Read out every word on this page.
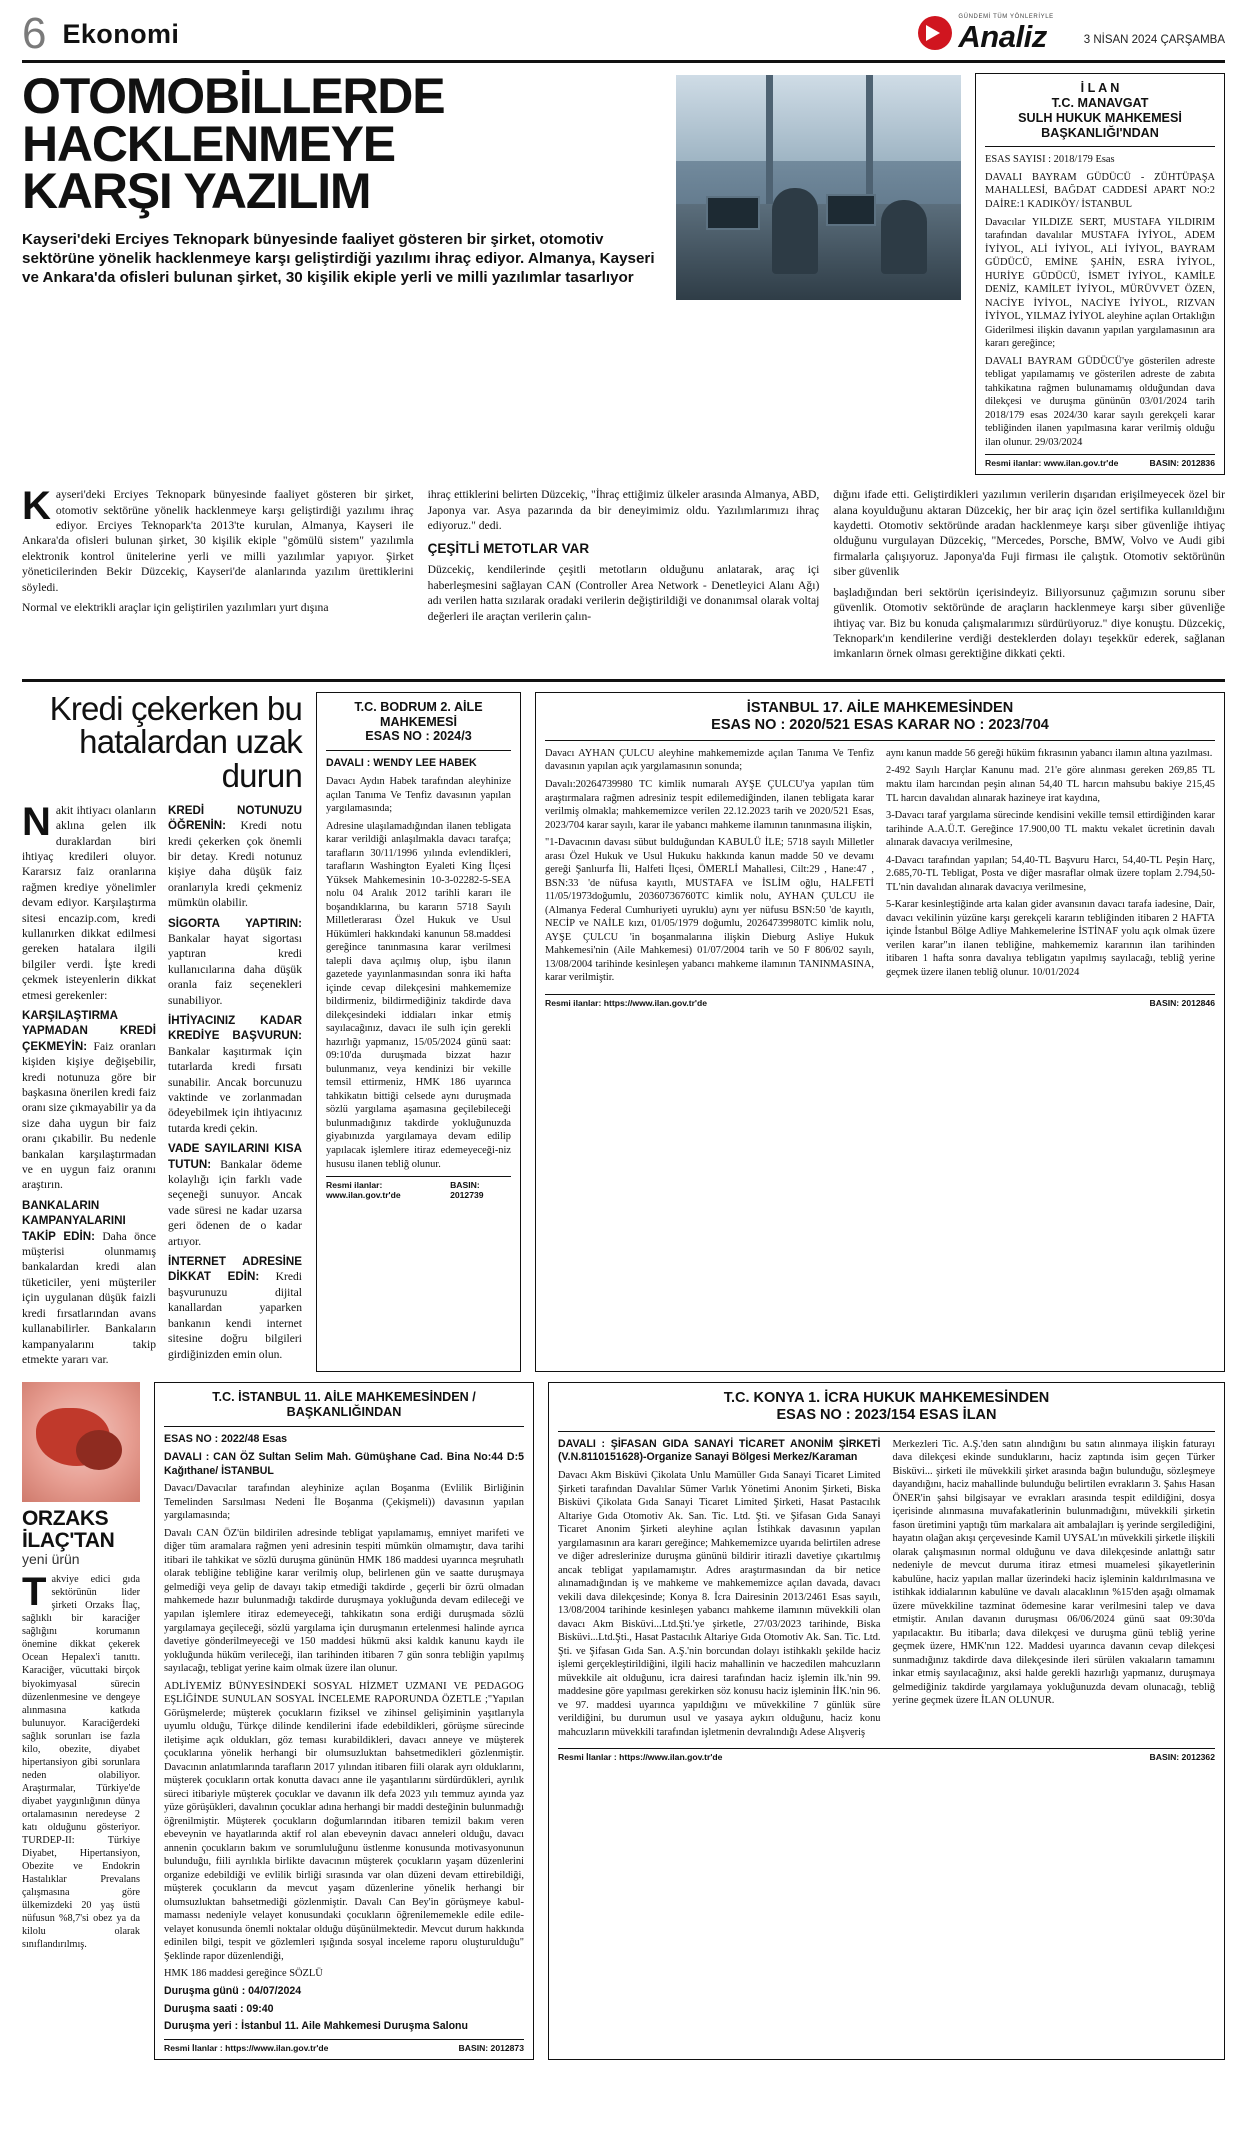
6 Ekonomi
GÜNDEMİ TÜM YÖNLERİYLE
Analiz	3 NİSAN 2024 ÇARŞAMBA
OTOMOBİLLERDE HACKLENMEYE
KARŞI YAZILIM
Kayseri'deki Erciyes Teknopark bünyesinde faaliyet gösteren bir şirket, otomotiv sektörüne yönelik hacklenmeye karşı geliştirdiği yazılımı ihraç ediyor. Almanya, Kayseri ve Ankara'da ofisleri bulunan şirket, 30 kişilik ekiple yerli ve milli yazılımlar tasarlıyor
İ L A N
T.C. MANAVGAT
SULH HUKUK MAHKEMESİ
BAŞKANLIĞI'NDAN

ESAS SAYISI : 2018/179 Esas

DAVALI BAYRAM GÜDÜCÜ - ZÜHTÜPAŞA MAHALLESİ, BAĞDAT CADDESİ APART NO:2 DAİRE:1 KADIKÖY/ İSTANBUL

Davacılar YILDIZE SERT, MUSTAFA YILDIRIM tarafından davalılar MUSTAFA İYİYOL, ADEM İYİYOL, ALİ İYİYOL, ALİ İYİYOL, BAYRAM GÜDÜCÜ, EMİNE ŞAHİN, ESRA İYİYOL, HURİYE GÜDÜCÜ, İSMET İYİYOL, KAMİLE DENİZ, KAMİLET İYİYOL, MÜRÜVVET ÖZEN, NACİYE İYİYOL, NACİYE İYİYOL, RIZVAN İYİYOL, YILMAZ İYİYOL aleyhine açılan Ortaklığın Giderilmesi ilişkin davanın yapılan yargılamasının ara kararı gereğince;

DAVALI BAYRAM GÜDÜCÜ'ye gösterilen adreste tebligat yapılamamış ve gösterilen adreste de zabıta tahkikatına rağmen bulunamamış olduğundan dava dilekçesi ve duruşma gününün 03/01/2024 tarih 2018/179 esas 2024/30 karar sayılı gerekçeli karar tebliğinden ilanen yapılmasına karar verilmiş olduğu ilan olunur. 29/03/2024

Resmi ilanlar: www.ilan.gov.tr'de	BASIN: 2012836

Kayseri'deki Erciyes Teknopark bünyesinde faaliyet gösteren bir şirket, otomotiv sektörüne yönelik hacklenmeye karşı geliştirdiği yazılımı ihraç ediyor. Erciyes Teknopark'ta 2013'te kurulan, Almanya, Kayseri ile Ankara'da ofisleri bulunan şirket, 30 kişilik ekiple "gömülü sistem" yazılımla elektronik kontrol ünitelerine yerli ve milli yazılımlar yapıyor. Şirket yöneticilerinden Bekir Düzcekiç, Kayseri'de alanlarında yazılım ürettiklerini söyledi.

Normal ve elektrikli araçlar için geliştirilen yazılımları yurt dışına

ihraç ettiklerini belirten Düzcekiç, "İhraç ettiğimiz ülkeler arasında Almanya, ABD, Japonya var. Asya pazarında da bir deneyimimiz oldu. Yazılımlarımızı ihraç ediyoruz." dedi.

ÇEŞİTLİ METOTLAR VAR

Düzcekiç, kendilerinde çeşitli metotların olduğunu anlatarak, araç içi haberleşmesini sağlayan CAN (Controller Area Network - Denetleyici Alanı Ağı) adı verilen hatta sızılarak oradaki verilerin değiştirildiği ve donanımsal olarak voltaj değerleri ile araçtan verilerin çalın-

dığını ifade etti. Geliştirdikleri yazılımın verilerin dışarıdan erişilmeyecek özel bir alana koyulduğunu aktaran Düzcekiç, her bir araç için özel sertifika kullanıldığını kaydetti. Otomotiv sektöründe aradan hacklenmeye karşı siber güvenliğe ihtiyaç olduğunu vurgulayan Düzcekiç, "Mercedes, Porsche, BMW, Volvo ve Audi gibi firmalarla çalışıyoruz. Japonya'da Fuji firması ile çalıştık. Otomotiv sektörünün siber güvenlik

başladığından beri sektörün içerisindeyiz. Biliyorsunuz çağımızın sorunu siber güvenlik. Otomotiv sektöründe de araçların hacklenmeye karşı siber güvenliğe ihtiyaç var. Biz bu konuda çalışmalarımızı sürdürüyoruz." diye konuştu. Düzcekiç, Teknopark'ın kendilerine verdiği desteklerden dolayı teşekkür ederek, sağlanan imkanların örnek olması gerektiğine dikkati çekti.

Kredi çekerken bu
hatalardan uzak durun

Nakit ihtiyacı olanların aklına gelen ilk duraklardan biri ihtiyaç kredileri oluyor. Kararsız faiz oranlarına rağmen krediye yönelimler devam ediyor. Karşılaştırma sitesi encazip.com, kredi kullanırken dikkat edilmesi gereken hatalara ilgili bilgiler verdi. İşte kredi çekmek isteyenlerin dikkat etmesi gerekenler:

KARŞILAŞTIRMA YAPMADAN KREDİ ÇEKMEYİN: Faiz oranları kişiden kişiye değişebilir, kredi notunuza göre bir başkasına önerilen kredi faiz oranı size çıkmayabilir ya da size daha uygun bir faiz oranı çıkabilir. Bu nedenle bankalan karşılaştırmadan ve en uygun faiz oranını araştırın.

BANKALARIN KAMPANYALARINI TAKİP EDİN: Daha önce müşterisi olunmamış bankalardan kredi alan tüketiciler, yeni müşteriler için uygulanan düşük faizli kredi fırsatlarından avans kullanabilirler. Bankaların kampanyalarını takip etmekte yararı var.

KREDİ NOTUNUZU ÖĞRENİN: Kredi notu kredi çekerken çok önemli bir detay. Kredi notunuz kişiye daha düşük faiz oranlarıyla kredi çekmeniz mümkün olabilir.

SİGORTA YAPTIRIN: Bankalar hayat sigortası yaptıran kredi kullanıcılarına daha düşük oranla faiz seçenekleri sunabiliyor.

İHTİYACINIZ KADAR KREDİYE BAŞVURUN: Bankalar kaşıtırmak için tutarlarda kredi fırsatı sunabilir. Ancak borcunuzu vaktinde ve zorlanmadan ödeyebilmek için ihtiyacınız tutarda kredi çekin.

VADE SAYILARINI KISA TUTUN: Bankalar ödeme kolaylığı için farklı vade seçeneği sunuyor. Ancak vade süresi ne kadar uzarsa geri ödenen de o kadar artıyor.

İNTERNET ADRESİNE DİKKAT EDİN: Kredi başvurunuzu dijital kanallardan yaparken bankanın kendi internet sitesine doğru bilgileri girdiğinizden emin olun.

T.C. BODRUM 2. AİLE
MAHKEMESİ
ESAS NO : 2024/3

DAVALI : WENDY LEE HABEK

Davacı Aydın Habek tarafından aleyhinize açılan Tanıma Ve Tenfiz davasının yapılan yargılamasında;

Adresine ulaşılamadığından ilanen tebligata karar verildiği anlaşılmakla davacı tarafça; tarafların 30/11/1996 yılında evlendikleri, tarafların Washington Eyaleti King İlçesi Yüksek Mahkemesinin 10-3-02282-5-SEA nolu 04 Aralık 2012 tarihli kararı ile boşandıklarına, bu kararın 5718 Sayılı Milletlerarası Özel Hukuk ve Usul Hükümleri hakkındaki kanunun 58.maddesi gereğince tanınmasına karar verilmesi talepli dava açılmış olup, işbu ilanın gazetede yayınlanmasından sonra iki hafta içinde cevap dilekçesini mahkememize bildirmeniz, bildirmediğiniz takdirde dava dilekçesindeki iddiaları inkar etmiş sayılacağınız, davacı ile sulh için gerekli hazırlığı yapmanız, 15/05/2024 günü saat: 09:10'da duruşmada bizzat hazır bulunmanız, veya kendinizi bir vekille temsil ettirmeniz, HMK 186 uyarınca tahkikatın bittiği celsede aynı duruşmada sözlü yargılama aşamasına geçilebileceği bulunmadığınız takdirde yokluğunuzda giyabınızda yargılamaya devam edilip yapılacak işlemlere itiraz edemeyeceği-niz hususu ilanen tebliğ olunur.

Resmi ilanlar: www.ilan.gov.tr'de
BASIN: 2012739
İSTANBUL 17. AİLE MAHKEMESİNDEN
ESAS NO : 2020/521 ESAS KARAR NO : 2023/704

Davacı AYHAN ÇULCU aleyhine mahkememizde açılan Tanıma Ve Tenfiz davasının yapılan açık yargılamasının sonunda;

Davalı:20264739980 TC kimlik numaralı AYŞE ÇULCU'ya yapılan tüm araştırmalara rağmen adresiniz tespit edilemediğinden, ilanen tebligata karar verilmiş olmakla; mahkememizce verilen 22.12.2023 tarih ve 2020/521 Esas, 2023/704 karar sayılı, karar ile yabancı mahkeme ilamının tanınmasına ilişkin,

"1-Davacının davası sübut bulduğundan KABULÜ İLE; 5718 sayılı Milletler arası Özel Hukuk ve Usul Hukuku hakkında kanun madde 50 ve devamı gereği Şanlıurfa İli, Halfeti İlçesi, ÖMERLİ Mahallesi, Cilt:29 , Hane:47 , BSN:33 'de nüfusa kayıtlı, MUSTAFA ve İSLİM oğlu, HALFETİ 11/05/1973doğumlu, 20360736760TC kimlik nolu, AYHAN ÇULCU ile (Almanya Federal Cumhuriyeti uyruklu) aynı yer nüfusu BSN:50 'de kayıtlı, NECİP ve NAİLE kızı, 01/05/1979 doğumlu, 20264739980TC kimlik nolu, AYŞE ÇULCU 'in boşanmalarına ilişkin Dieburg Asliye Hukuk Mahkemesi'nin (Aile Mahkemesi) 01/07/2004 tarih ve 50 F 806/02 sayılı, 13/08/2004 tarihinde kesinleşen yabancı mahkeme ilamının TANINMASINA, karar verilmiştir.

aynı kanun madde 56 gereği hüküm fıkrasının yabancı ilamın altına yazılması.

2-492 Sayılı Harçlar Kanunu mad. 21'e göre alınması gereken 269,85 TL maktu ilam harcından peşin alınan 54,40 TL harcın mahsubu bakiye 215,45 TL harcın davalıdan alınarak hazineye irat kaydına,

3-Davacı taraf yargılama sürecinde kendisini vekille temsil ettirdiğinden karar tarihinde A.A.Ü.T. Gereğince 17.900,00 TL maktu vekalet ücretinin davalı alınarak davacıya verilmesine,

4-Davacı tarafından yapılan; 54,40-TL Başvuru Harcı, 54,40-TL Peşin Harç, 2.685,70-TL Tebligat, Posta ve diğer masraflar olmak üzere toplam 2.794,50-TL'nin davalıdan alınarak davacıya verilmesine,

5-Karar kesinleştiğinde arta kalan gider avansının davacı tarafa iadesine, Dair, davacı vekilinin yüzüne karşı gerekçeli kararın tebliğinden itibaren 2 HAFTA içinde İstanbul Bölge Adliye Mahkemelerine İSTİNAF yolu açık olmak üzere verilen karar"ın ilanen tebliğine, mahkememiz kararının ilan tarihinden itibaren 1 hafta sonra davalıya tebligatın yapılmış sayılacağı, tebliğ yerine geçmek üzere ilanen tebliğ olunur. 10/01/2024

Resmi ilanlar: https://www.ilan.gov.tr'de	BASIN: 2012846
ORZAKS
İLAÇ'TAN
yeni ürün

Takviye edici gıda sektörünün lider şirketi Orzaks İlaç, sağlıklı bir karaciğer sağlığını korumanın önemine dikkat çekerek Ocean Hepalex'i tanıttı. Karaciğer, vücuttaki birçok biyokimyasal sürecin düzenlenmesine ve dengeye alınmasına katkıda bulunuyor. Karaciğerdeki sağlık sorunları ise fazla kilo, obezite, diyabet hipertansiyon gibi sorunlara neden olabiliyor. Araştırmalar, Türkiye'de diyabet yaygınlığının dünya ortalamasının neredeyse 2 katı olduğunu gösteriyor. TURDEP-II: Türkiye Diyabet, Hipertansiyon, Obezite ve Endokrin Hastalıklar Prevalans çalışmasına göre ülkemizdeki 20 yaş üstü nüfusun %8,7'si obez ya da kilolu olarak sınıflandırılmış.

T.C. İSTANBUL 11. AİLE MAHKEMESİNDEN /
BAŞKANLIĞINDAN

ESAS NO : 2022/48 Esas

DAVALI : CAN ÖZ Sultan Selim Mah. Gümüşhane Cad. Bina No:44 D:5 Kağıthane/ İSTANBUL

Davacı/Davacılar tarafından aleyhinize açılan Boşanma (Evlilik Birliğinin Temelinden Sarsılması Nedeni İle Boşanma (Çekişmeli)) davasının yapılan yargılamasında;

Davalı CAN ÖZ'ün bildirilen adresinde tebligat yapılamamış, emniyet marifeti ve diğer tüm aramalara rağmen yeni adresinin tespiti mümkün olmamıştır, dava tarihi itibari ile tahkikat ve sözlü duruşma gününün HMK 186 maddesi uyarınca meşruhatlı olarak tebliğine tebliğine karar verilmiş olup, belirlenen gün ve saatte duruşmaya gelmediği veya gelip de davayı takip etmediği takdirde , geçerli bir özrü olmadan mahkemede hazır bulunmadığı takdirde duruşmaya yokluğunda devam edileceği ve yapılan işlemlere itiraz edemeyeceği, tahkikatın sona erdiği duruşmada sözlü yargılamaya geçileceği, sözlü yargılama için duruşmanın ertelenmesi halinde ayrıca davetiye gönderilmeyeceği ve 150 maddesi hükmü aksi kaldık kanunu kaydı ile yokluğunda hüküm verileceği, ilan tarihinden itibaren 7 gün sonra tebliğin yapılmış sayılacağı, tebligat yerine kaim olmak üzere ilan olunur.

ADLİYEMİZ BÜNYESİNDEKİ SOSYAL HİZMET UZMANI VE PEDAGOG EŞLİĞİNDE SUNULAN SOSYAL İNCELEME RAPORUNDA ÖZETLE ;"Yapılan Görüşmelerde; müşterek çocukların fiziksel ve zihinsel gelişiminin yaşıtlarıyla uyumlu olduğu, Türkçe dilinde kendilerini ifade edebildikleri, görüşme sürecinde iletişime açık oldukları, göz teması kurabildikleri, davacı anneye ve müşterek çocuklarına yönelik herhangi bir olumsuzluktan bahsetmedikleri gözlenmiştir. Davacının anlatımlarında tarafların 2017 yılından itibaren fiili olarak ayrı olduklarını, müşterek çocukların ortak konutta davacı anne ile yaşantılarını sürdürdükleri, ayrılık süreci itibariyle müşterek çocuklar ve davanın ilk defa 2023 yılı temmuz ayında yaz yüze görüşükleri, davalının çocuklar adına herhangi bir maddi desteğinin bulunmadığı öğrenilmiştir. Müşterek çocukların doğumlarından itibaren temizil bakım veren ebeveynin ve hayatlarında aktif rol alan ebeveynin davacı anneleri olduğu, davacı annenin çocukların bakım ve sorumluluğunu üstlenme konusunda motivasyonunun bulunduğu, fiili ayrılıkla birlikte davacının müşterek çocukların yaşam düzenlerini organize edebildiği ve evlilik birliği sırasında var olan düzeni devam ettirebildiği, müşterek çocukların da mevcut yaşam düzenlerine yönelik herhangi bir olumsuzluktan bahsetmediği gözlenmiştir. Davalı Can Bey'in görüşmeye kabul-mamassı nedeniyle velayet konusundaki çocukların öğrenilememekle edile edile-velayet konusunda önemli noktalar olduğu düşünülmektedir. Mevcut durum hakkında edinilen bilgi, tespit ve gözlemleri ışığında sosyal inceleme raporu oluşturulduğu" Şeklinde rapor düzenlendiği,

HMK 186 maddesi gereğince SÖZLÜ

Duruşma günü : 04/07/2024

Duruşma saati : 09:40

Duruşma yeri : İstanbul 11. Aile Mahkemesi Duruşma Salonu

Resmi İlanlar : https://www.ilan.gov.tr'de	BASIN: 2012873
T.C. KONYA 1. İCRA HUKUK MAHKEMESİNDEN
ESAS NO : 2023/154 ESAS İLAN

DAVALI : ŞİFASAN GIDA SANAYİ TİCARET ANONİM ŞİRKETİ (V.N.8110151628)-Organize Sanayi Bölgesi Merkez/Karaman

Davacı Akm Bisküvi Çikolata Unlu Mamüller Gıda Sanayi Ticaret Limited Şirketi tarafından Davalılar Sümer Varlık Yönetimi Anonim Şirketi, Biska Bisküvi Çikolata Gıda Sanayi Ticaret Limited Şirketi, Hasat Pastacılık Altariye Gıda Otomotiv Ak. San. Tic. Ltd. Şti. ve Şifasan Gıda Sanayi Ticaret Anonim Şirketi aleyhine açılan İstihkak davasının yapılan yargılamasının ara kararı gereğince; Mahkememizce uyarıda belirtilen adrese ve diğer adreslerinize duruşma gününü bildirir itirazli davetiye çıkartılmış ancak tebligat yapılamamıştır. Adres araştırmasından da bir netice alınamadığından iş ve mahkeme ve mahkememizce açılan davada, davacı vekili dava dilekçesinde; Konya 8. İcra Dairesinin 2013/2461 Esas sayılı, 13/08/2004 tarihinde kesinleşen yabancı mahkeme ilamının müvekkili olan davacı Akm Bisküvi...Ltd.Şti.'ye şirketle, 27/03/2023 tarihinde, Biska Bisküvi...Ltd.Şti., Hasat Pastacılık Altariye Gıda Otomotiv Ak. San. Tic. Ltd. Şti. ve Şifasan Gıda San. A.Ş.'nin borcundan dolayı istihkaklı şekilde haciz işlemi gerçekleştirildiğini, ilgili haciz mahallinin ve haczedilen mahcuzların müvekkile ait olduğunu, icra dairesi tarafından haciz işlemin ilk.'nin 99. maddesine göre yapılması gerekirken söz konusu haciz işleminin İİK.'nin 96. ve 97. maddesi uyarınca yapıldığını ve müvekkiline 7 günlük süre verildiğini, bu durumun usul ve yasaya aykırı olduğunu, haciz konu mahcuzların müvekkili tarafından işletmenin devralındığı Adese Alışveriş

Merkezleri Tic. A.Ş.'den satın alındığını bu satın alınmaya ilişkin faturayı dava dilekçesi ekinde sunduklarını, haciz zaptında isim geçen Türker Bisküvi... şirketi ile müvekkili şirket arasında bağın bulunduğu, sözleşmeye dayandığını, haciz mahallinde bulunduğu belirtilen evrakların 3. Şahıs Hasan ÖNER'in şahsi bilgisayar ve evrakları arasında tespit edildiğini, dosya içerisinde alınmasına muvafakatlerinin bulunmadığını, müvekkili şirketin fason üretimini yaptığı tüm markalara ait ambalajları iş yerinde sergilediğini, hayatın olağan akışı çerçevesinde Kamil UYSAL'ın müvekkili şirketle ilişkili olarak çalışmasının normal olduğunu ve dava dilekçesinde anlattığı satır nedeniyle de mevcut duruma itiraz etmesi muamelesi şikayetlerinin kabulüne, haciz yapılan mallar üzerindeki haciz işleminin kaldırılmasına ve istihkak iddialarının kabulüne ve davalı alacaklının %15'den aşağı olmamak üzere müvekkiline tazminat ödemesine karar verilmesini talep ve dava etmiştir. Anılan davanın duruşması 06/06/2024 günü saat 09:30'da yapılacaktır. Bu itibarla; dava dilekçesi ve duruşma günü tebliğ yerine geçmek üzere, HMK'nın 122. Maddesi uyarınca davanın cevap dilekçesi sunmadığınız takdirde dava dilekçesinde ileri sürülen vakıaların tamamını inkar etmiş sayılacağınız, aksi halde gerekli hazırlığı yapmanız, duruşmaya gelmediğiniz takdirde yargılamaya yokluğunuzda devam olunacağı, tebliğ yerine geçmek üzere İLAN OLUNUR.

Resmi İlanlar : https://www.ilan.gov.tr'de	BASIN: 2012362
